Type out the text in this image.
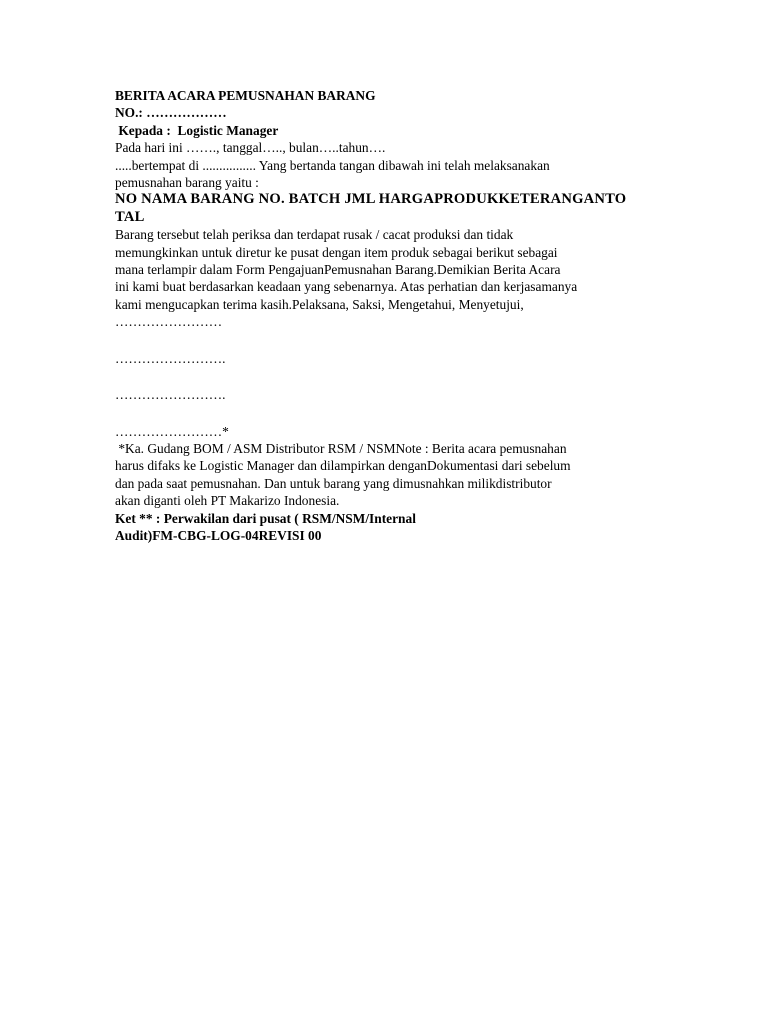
BERITA ACARA PEMUSNAHAN BARANG

NO.: ………………

Kepada :  Logistic Manager

Pada hari ini ……., tanggal….., bulan…..tahun….

.....bertempat di ................ Yang bertanda tangan dibawah ini telah melaksanakan

pemusnahan barang yaitu :

NO NAMA BARANG NO. BATCH JML HARGAPRODUKKETERANGANTO

TAL

Barang tersebut telah periksa dan terdapat rusak / cacat produksi dan tidak

memungkinkan untuk diretur ke pusat dengan item produk sebagai berikut sebagai

mana terlampir dalam Form PengajuanPemusnahan Barang.Demikian Berita Acara

ini kami buat berdasarkan keadaan yang sebenarnya. Atas perhatian dan kerjasamanya

kami mengucapkan terima kasih.Pelaksana, Saksi, Mengetahui, Menyetujui,

……………………

…………………….

…………………….

……………………*

*Ka. Gudang BOM / ASM Distributor RSM / NSMNote : Berita acara pemusnahan

harus difaks ke Logistic Manager dan dilampirkan denganDokumentasi dari sebelum

dan pada saat pemusnahan. Dan untuk barang yang dimusnahkan milikdistributor

akan diganti oleh PT Makarizo Indonesia.

Ket ** : Perwakilan dari pusat ( RSM/NSM/Internal

Audit)FM-CBG-LOG-04REVISI 00
